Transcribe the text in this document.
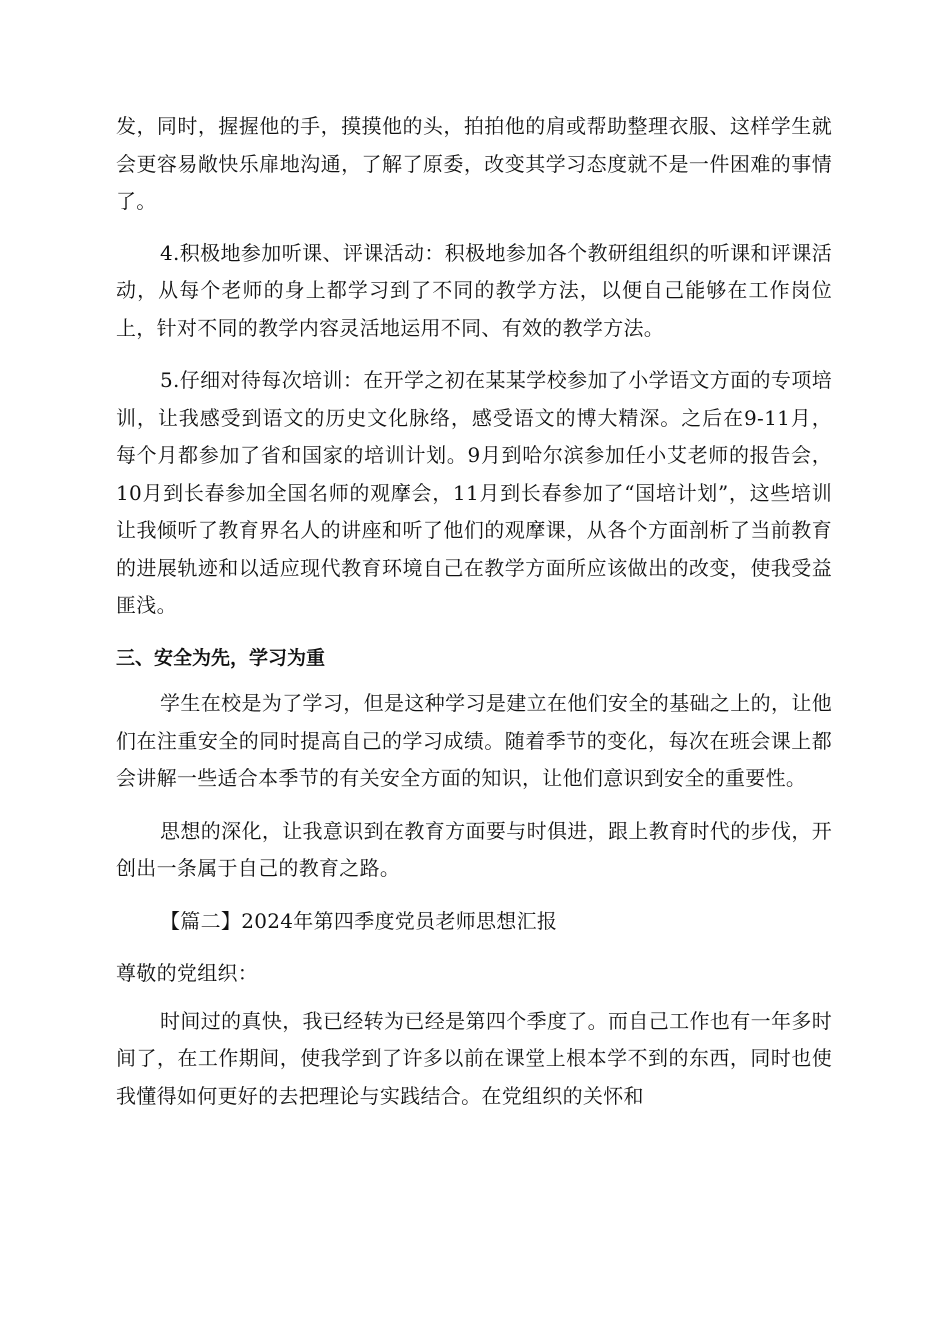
发，同时，握握他的手，摸摸他的头，拍拍他的肩或帮助整理衣服、这样学生就会更容易敞快乐扉地沟通，了解了原委，改变其学习态度就不是一件困难的事情了。

4.积极地参加听课、评课活动：积极地参加各个教研组组织的听课和评课活动，从每个老师的身上都学习到了不同的教学方法，以便自己能够在工作岗位上，针对不同的教学内容灵活地运用不同、有效的教学方法。

5.仔细对待每次培训：在开学之初在某某学校参加了小学语文方面的专项培训，让我感受到语文的历史文化脉络，感受语文的博大精深。之后在9-11月，每个月都参加了省和国家的培训计划。9月到哈尔滨参加任小艾老师的报告会，10月到长春参加全国名师的观摩会，11月到长春参加了“国培计划”，这些培训让我倾听了教育界名人的讲座和听了他们的观摩课，从各个方面剖析了当前教育的进展轨迹和以适应现代教育环境自己在教学方面所应该做出的改变，使我受益匪浅。

三、安全为先，学习为重

学生在校是为了学习，但是这种学习是建立在他们安全的基础之上的，让他们在注重安全的同时提高自己的学习成绩。随着季节的变化，每次在班会课上都会讲解一些适合本季节的有关安全方面的知识，让他们意识到安全的重要性。

思想的深化，让我意识到在教育方面要与时俱进，跟上教育时代的步伐，开创出一条属于自己的教育之路。

【篇二】2024年第四季度党员老师思想汇报

尊敬的党组织：

时间过的真快，我已经转为已经是第四个季度了。而自己工作也有一年多时间了，在工作期间，使我学到了许多以前在课堂上根本学不到的东西，同时也使我懂得如何更好的去把理论与实践结合。在党组织的关怀和
